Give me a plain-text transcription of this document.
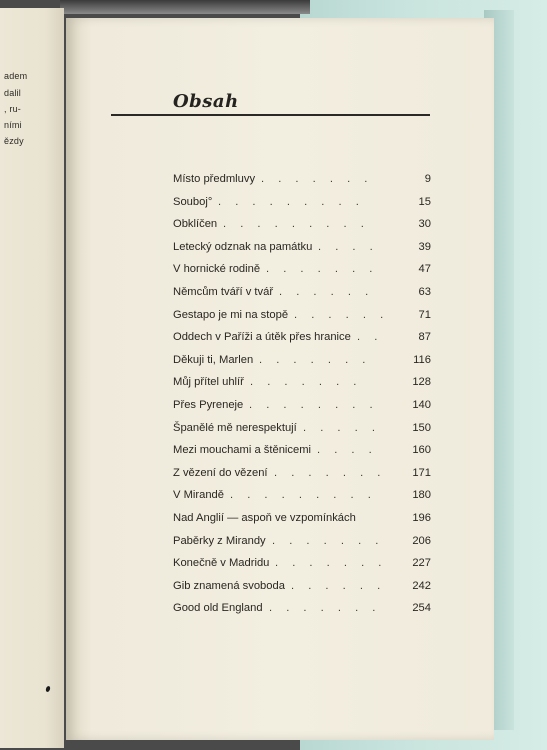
adem
dalil
, ru-
ními
ězdy
Obsah
Místo předmluvy . . . . . . .	9
Souboj° . . . . . . . . .	15
Obklíčen . . . . . . . . .	30
Letecký odznak na památku . . . .	39
V hornické rodině . . . . . . .	47
Němcům tváří v tvář . . . . . .	63
Gestapo je mi na stopě . . . . . .	71
Oddech v Paříži a útěk přes hranice . .	87
Děkuji ti, Marlen . . . . . . .	116
Můj přítel uhlíř . . . . . . .	128
Přes Pyreneje . . . . . . . .	140
Španělé mě nerespektují . . . . .	150
Mezi mouchami a štěnicemi . . . .	160
Z vězení do vězení . . . . . . .	171
V Mirandě . . . . . . . . .	180
Nad Anglií — aspoň ve vzpomínkách	196
Paběrky z Mirandy . . . . . . .	206
Konečně v Madridu . . . . . . .	227
Gib znamená svoboda . . . . . .	242
Good old England . . . . . . .	254
